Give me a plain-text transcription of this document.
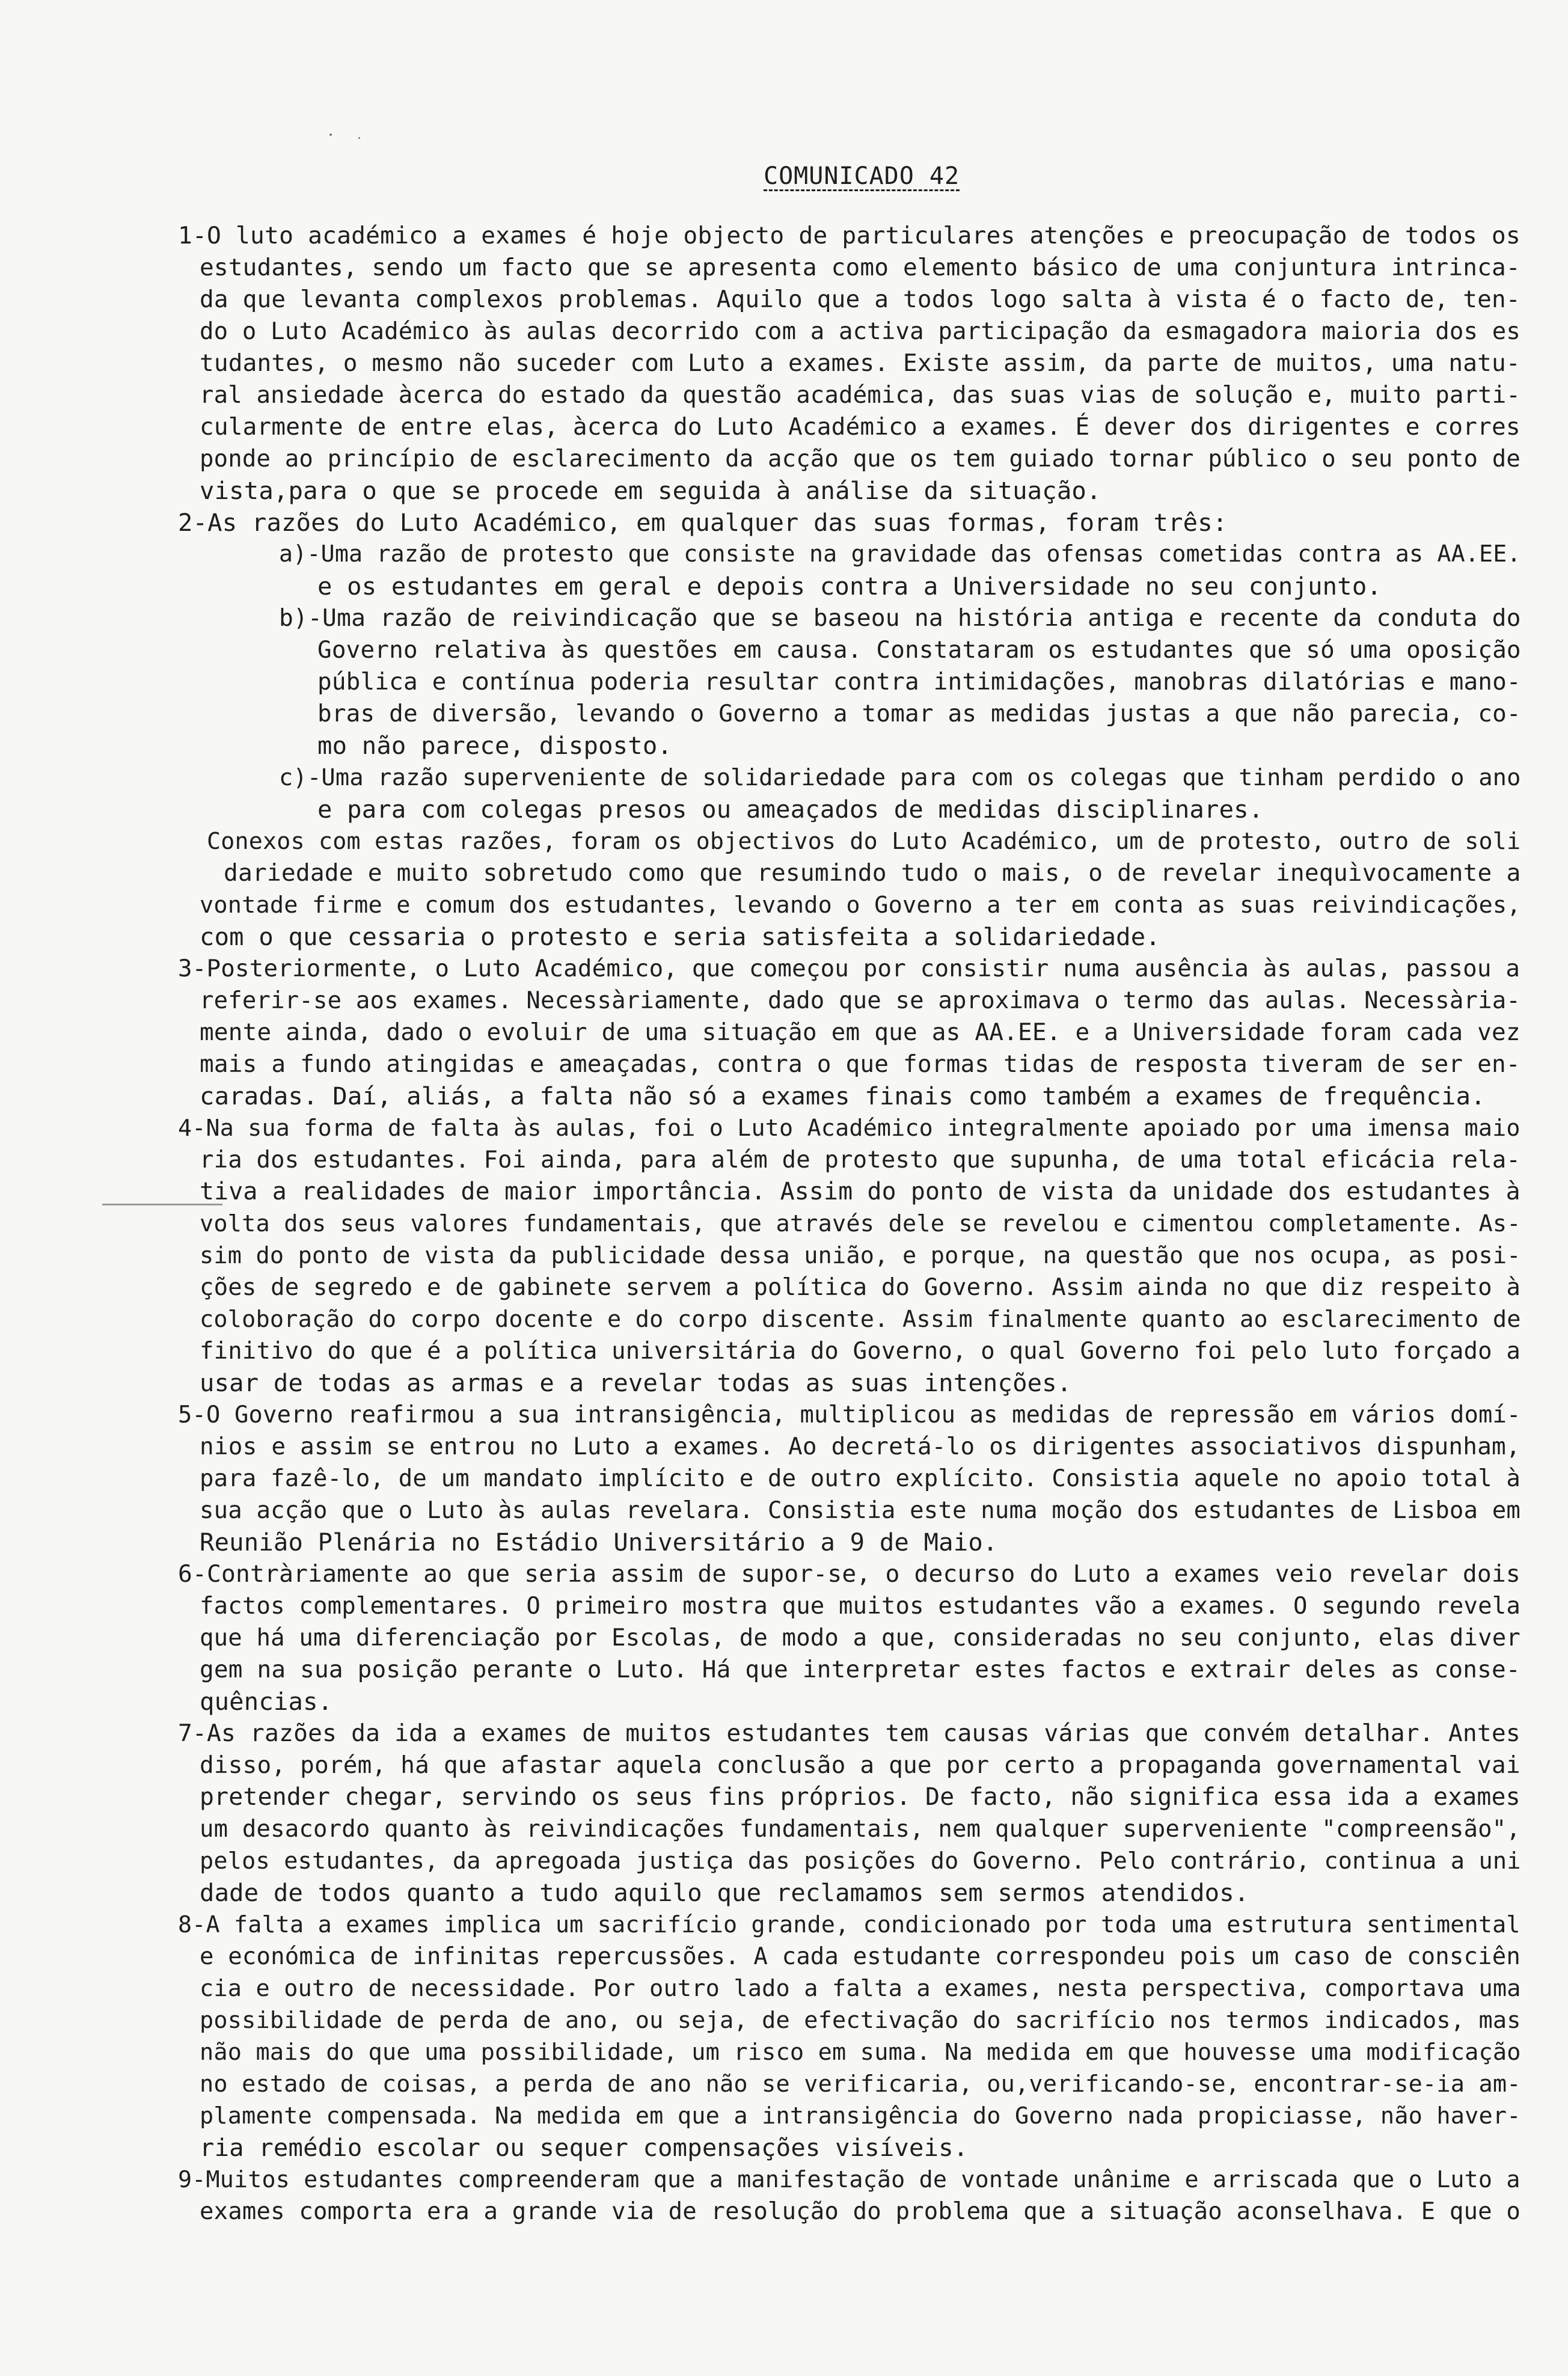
COMUNICADO 42
1-O luto académico a exames é hoje objecto de particulares atenções e preocupação de todos os
estudantes, sendo um facto que se apresenta como elemento básico de uma conjuntura intrinca-
da que levanta complexos problemas. Aquilo que a todos logo salta à vista é o facto de, ten-
do o Luto Académico às aulas decorrido com a activa participação da esmagadora maioria dos es
tudantes, o mesmo não suceder com Luto a exames. Existe assim, da parte de muitos, uma natu-
ral ansiedade àcerca do estado da questão académica, das suas vias de solução e, muito parti-
cularmente de entre elas, àcerca do Luto Académico a exames. É dever dos dirigentes e corres
ponde ao princípio de esclarecimento da acção que os tem guiado tornar público o seu ponto de
vista,para o que se procede em seguida à análise da situação.
2-As razões do Luto Académico, em qualquer das suas formas, foram três:
a)-Uma razão de protesto que consiste na gravidade das ofensas cometidas contra as AA.EE.
e os estudantes em geral e depois contra a Universidade no seu conjunto.
b)-Uma razão de reivindicação que se baseou na história antiga e recente da conduta do
Governo relativa às questões em causa. Constataram os estudantes que só uma oposição
pública e contínua poderia resultar contra intimidações, manobras dilatórias e mano-
bras de diversão, levando o Governo a tomar as medidas justas a que não parecia, co-
mo não parece, disposto.
c)-Uma razão superveniente de solidariedade para com os colegas que tinham perdido o ano
e para com colegas presos ou ameaçados de medidas disciplinares.
Conexos com estas razões, foram os objectivos do Luto Académico, um de protesto, outro de soli
dariedade e muito sobretudo como que resumindo tudo o mais, o de revelar inequìvocamente a
vontade firme e comum dos estudantes, levando o Governo a ter em conta as suas reivindicações,
com o que cessaria o protesto e seria satisfeita a solidariedade.
3-Posteriormente, o Luto Académico, que começou por consistir numa ausência às aulas, passou a
referir-se aos exames. Necessàriamente, dado que se aproximava o termo das aulas. Necessària-
mente ainda, dado o evoluir de uma situação em que as AA.EE. e a Universidade foram cada vez
mais a fundo atingidas e ameaçadas, contra o que formas tidas de resposta tiveram de ser en-
caradas. Daí, aliás, a falta não só a exames finais como também a exames de frequência.
4-Na sua forma de falta às aulas, foi o Luto Académico integralmente apoiado por uma imensa maio
ria dos estudantes. Foi ainda, para além de protesto que supunha, de uma total eficácia rela-
tiva a realidades de maior importância. Assim do ponto de vista da unidade dos estudantes à
volta dos seus valores fundamentais, que através dele se revelou e cimentou completamente. As-
sim do ponto de vista da publicidade dessa união, e porque, na questão que nos ocupa, as posi-
ções de segredo e de gabinete servem a política do Governo. Assim ainda no que diz respeito à
coloboração do corpo docente e do corpo discente. Assim finalmente quanto ao esclarecimento de
finitivo do que é a política universitária do Governo, o qual Governo foi pelo luto forçado a
usar de todas as armas e a revelar todas as suas intenções.
5-O Governo reafirmou a sua intransigência, multiplicou as medidas de repressão em vários domí-
nios e assim se entrou no Luto a exames. Ao decretá-lo os dirigentes associativos dispunham,
para fazê-lo, de um mandato implícito e de outro explícito. Consistia aquele no apoio total à
sua acção que o Luto às aulas revelara. Consistia este numa moção dos estudantes de Lisboa em
Reunião Plenária no Estádio Universitário a 9 de Maio.
6-Contràriamente ao que seria assim de supor-se, o decurso do Luto a exames veio revelar dois
factos complementares. O primeiro mostra que muitos estudantes vão a exames. O segundo revela
que há uma diferenciação por Escolas, de modo a que, consideradas no seu conjunto, elas diver
gem na sua posição perante o Luto. Há que interpretar estes factos e extrair deles as conse-
quências.
7-As razões da ida a exames de muitos estudantes tem causas várias que convém detalhar. Antes
disso, porém, há que afastar aquela conclusão a que por certo a propaganda governamental vai
pretender chegar, servindo os seus fins próprios. De facto, não significa essa ida a exames
um desacordo quanto às reivindicações fundamentais, nem qualquer superveniente "compreensão",
pelos estudantes, da apregoada justiça das posições do Governo. Pelo contrário, continua a uni
dade de todos quanto a tudo aquilo que reclamamos sem sermos atendidos.
8-A falta a exames implica um sacrifício grande, condicionado por toda uma estrutura sentimental
e económica de infinitas repercussões. A cada estudante correspondeu pois um caso de consciên
cia e outro de necessidade. Por outro lado a falta a exames, nesta perspectiva, comportava uma
possibilidade de perda de ano, ou seja, de efectivação do sacrifício nos termos indicados, mas
não mais do que uma possibilidade, um risco em suma. Na medida em que houvesse uma modificação
no estado de coisas, a perda de ano não se verificaria, ou,verificando-se, encontrar-se-ia am-
plamente compensada. Na medida em que a intransigência do Governo nada propiciasse, não haver-
ria remédio escolar ou sequer compensações visíveis.
9-Muitos estudantes compreenderam que a manifestação de vontade unânime e arriscada que o Luto a
exames comporta era a grande via de resolução do problema que a situação aconselhava. E que o
